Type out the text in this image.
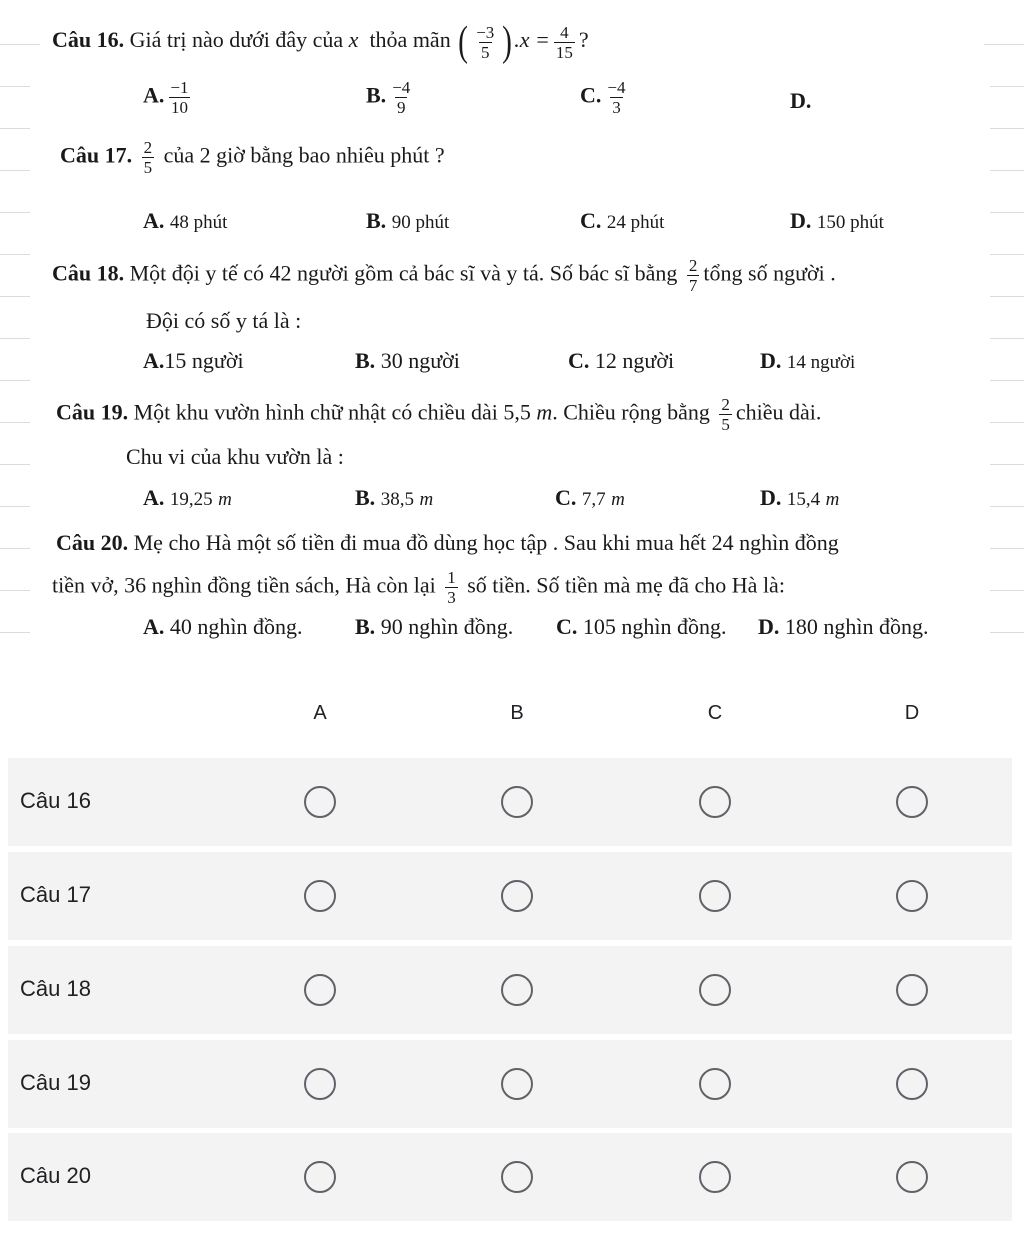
Câu 16. Giá trị nào dưới đây của x thỏa mãn ( $\frac{-3}{5} ).x = \frac{4}{15}$ ?
A. $\frac{-1}{10}$	B. $\frac{-4}{9}$	C. $\frac{-4}{3}$	D.
Câu 17. $\frac{2}{5}$ của 2 giờ bằng bao nhiêu phút ?
A. 48 phút	B. 90 phút	C. 24 phút	D. 150 phút
Câu 18. Một đội y tế có 42 người gồm cả bác sĩ và y tá. Số bác sĩ bằng $\frac{2}{7}$ tổng số người .
Đội có số y tá là :
A.15 người	B. 30 người	C. 12 người	D. 14 người
Câu 19. Một khu vườn hình chữ nhật có chiều dài 5,5 m. Chiều rộng bằng $\frac{2}{5}$ chiều dài.
Chu vi của khu vườn là :
A. 19,25 m	B. 38,5 m	C. 7,7 m	D. 15,4 m
Câu 20. Mẹ cho Hà một số tiền đi mua đồ dùng học tập . Sau khi mua hết 24 nghìn đồng
tiền vở, 36 nghìn đồng tiền sách, Hà còn lại $\frac{1}{3}$ số tiền. Số tiền mà mẹ đã cho Hà là:
A. 40 nghìn đồng. B. 90 nghìn đồng. C. 105 nghìn đồng. D. 180 nghìn đồng.
A	B	C	D
Câu 16
Câu 17
Câu 18
Câu 19
Câu 20
